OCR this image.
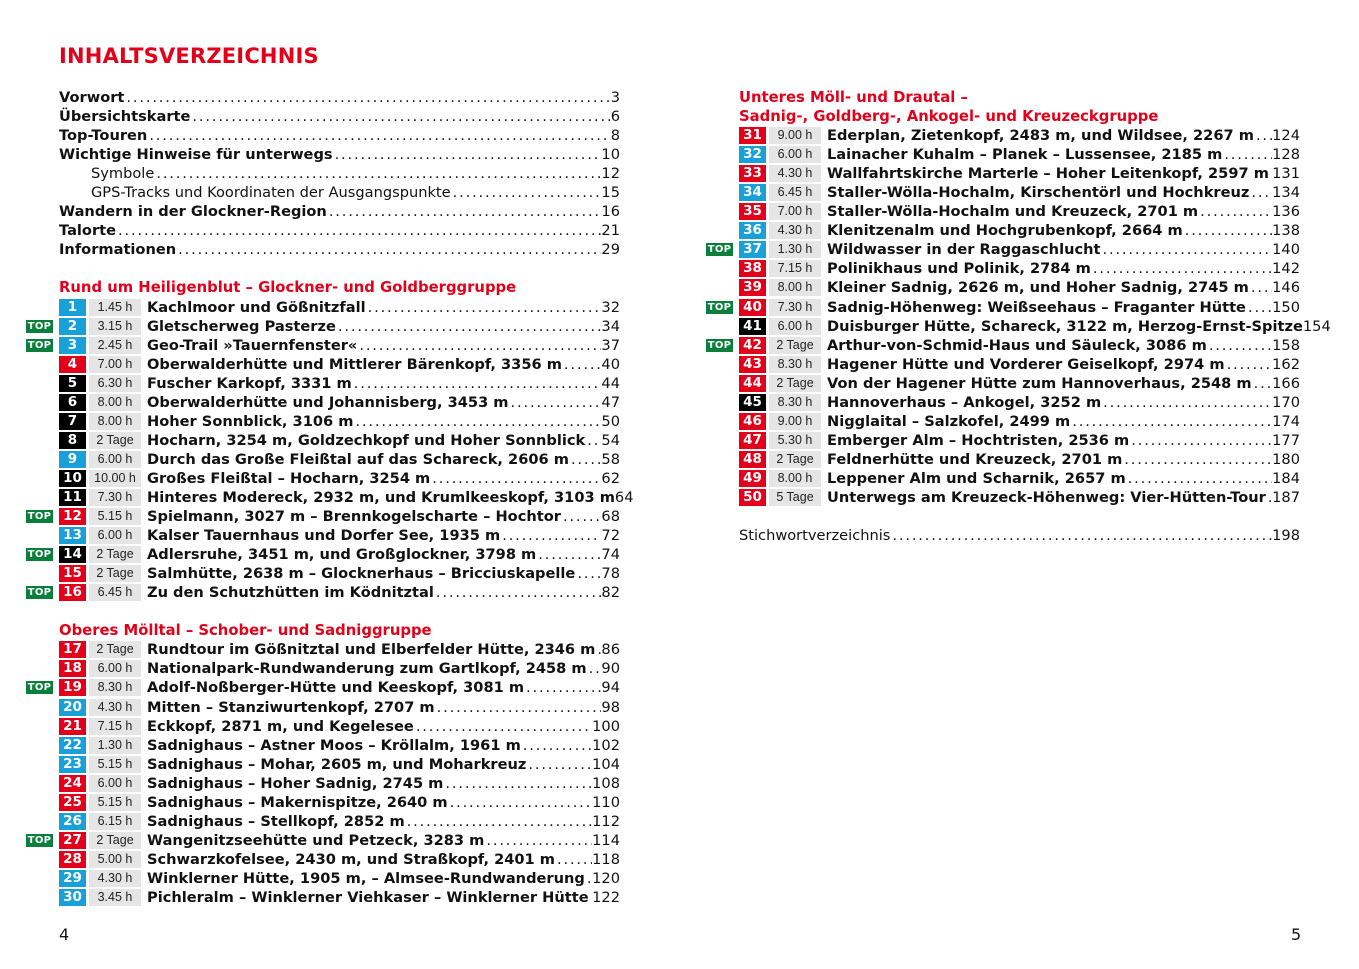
INHALTSVERZEICHNIS
Vorwort . . .	3
Übersichtskarte . . .	6
Top-Touren . . .	8
Wichtige Hinweise für unterwegs . . .	10
Symbole . . .	12
GPS-Tracks und Koordinaten der Ausgangspunkte . . .	15
Wandern in der Glockner-Region . . .	16
Talorte . . .	21
Informationen . . .	29
Rund um Heiligenblut – Glockner- und Goldberggruppe
1	1.45 h	Kachlmoor und Gößnitzfall . . .	32
TOP	2	3.15 h	Gletscherweg Pasterze . . .	34
TOP	3	2.45 h	Geo-Trail »Tauernfenster« . . .	37
4	7.00 h	Oberwalderhütte und Mittlerer Bärenkopf, 3356 m . . .	40
5	6.30 h	Fuscher Karkopf, 3331 m . . .	44
6	8.00 h	Oberwalderhütte und Johannisberg, 3453 m . . .	47
7	8.00 h	Hoher Sonnblick, 3106 m . . .	50
8	2 Tage Hocharn, 3254 m, Goldzechkopf und Hoher Sonnblick . . . 54
9	6.00 h	Durch das Große Fleißtal auf das Schareck, 2606 m . . . 58
10 10.00 h Großes Fleißtal – Hocharn, 3254 m . . .	62
11	7.30 h	Hinteres Modereck, 2932 m, und Krumlkeeskopf, 3103 m 64
TOP 12	5.15 h	Spielmann, 3027 m – Brennkogelscharte – Hochtor . . .	68
13	6.00 h	Kalser Tauernhaus und Dorfer See, 1935 m . . .	72
TOP 14	2 Tage Adlersruhe, 3451 m, und Großglockner, 3798 m . . .	74
15	2 Tage Salmhütte, 2638 m – Glocknerhaus – Bricciuskapelle . . . 78
TOP 16	6.45 h	Zu den Schutzhütten im Ködnitztal . . .	82
Oberes Mölltal – Schober- und Sadniggruppe
17	2 Tage Rundtour im Gößnitztal und Elberfelder Hütte, 2346 m . . . 86
18	6.00 h	Nationalpark-Rundwanderung zum Gartlkopf, 2458 m . . . 90
TOP 19	8.30 h	Adolf-Noßberger-Hütte und Keeskopf, 3081 m . . .	94
20	4.30 h	Mitten – Stanziwurtenkopf, 2707 m . . .	98
21	7.15 h	Eckkopf, 2871 m, und Kegelesee . . .	100
22	1.30 h	Sadnighaus – Astner Moos – Kröllalm, 1961 m . . .	102
23	5.15 h	Sadnighaus – Mohar, 2605 m, und Moharkreuz . . .	104
24	6.00 h	Sadnighaus – Hoher Sadnig, 2745 m . . .	108
25	5.15 h	Sadnighaus – Makernispitze, 2640 m . . .	110
26	6.15 h	Sadnighaus – Stellkopf, 2852 m . . .	112
TOP 27	2 Tage Wangenitzseehütte und Petzeck, 3283 m . . .	114
28	5.00 h	Schwarzkofelsee, 2430 m, und Straßkopf, 2401 m . . .	118
29	4.30 h	Winklerner Hütte, 1905 m, – Almsee-Rundwanderung . . . 120
30	3.45 h	Pichleralm – Winklerner Viehkaser – Winklerner Hütte . . . 122
Unteres Möll- und Drautal –
Sadnig-, Goldberg-, Ankogel- und Kreuzeckgruppe
31	9.00 h	Ederplan, Zietenkopf, 2483 m, und Wildsee, 2267 m . . . 124
32	6.00 h	Lainacher Kuhalm – Planek – Lussensee, 2185 m . . .	128
33	4.30 h	Wallfahrtskirche Marterle – Hoher Leitenkopf, 2597 m . . . 131
34	6.45 h	Staller-Wölla-Hochalm, Kirschentörl und Hochkreuz . . . 134
35	7.00 h	Staller-Wölla-Hochalm und Kreuzeck, 2701 m . . .	136
36	4.30 h	Klenitzenalm und Hochgrubenkopf, 2664 m . . .	138
TOP 37	1.30 h	Wildwasser in der Raggaschlucht . . .	140
38	7.15 h	Polinikhaus und Polinik, 2784 m . . .	142
39	8.00 h	Kleiner Sadnig, 2626 m, und Hoher Sadnig, 2745 m . . . 146
TOP 40	7.30 h	Sadnig-Höhenweg: Weißseehaus – Fraganter Hütte . . . 150
41	6.00 h	Duisburger Hütte, Schareck, 3122 m, Herzog-Ernst-Spitze 154
TOP 42	2 Tage Arthur-von-Schmid-Haus und Säuleck, 3086 m . . .	158
43	8.30 h	Hagener Hütte und Vorderer Geiselkopf, 2974 m . . .	162
44	2 Tage Von der Hagener Hütte zum Hannoverhaus, 2548 m . . . 166
45	8.30 h	Hannoverhaus – Ankogel, 3252 m . . .	170
46	9.00 h	Nigglaital – Salzkofel, 2499 m . . .	174
47	5.30 h	Emberger Alm – Hochtristen, 2536 m . . .	177
48	2 Tage Feldnerhütte und Kreuzeck, 2701 m . . .	180
49	8.00 h	Leppener Alm und Scharnik, 2657 m . . .	184
50	5 Tage Unterwegs am Kreuzeck-Höhenweg: Vier-Hütten-Tour . . . 187
Stichwortverzeichnis . . .	198
4	5
